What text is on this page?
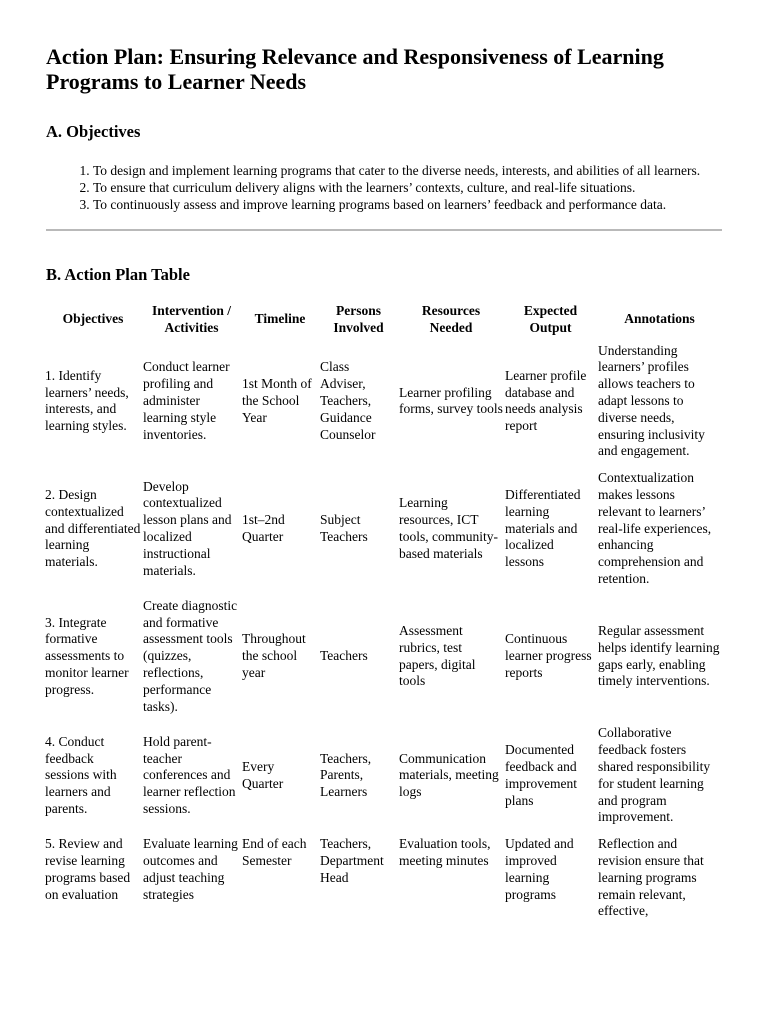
Action Plan: Ensuring Relevance and Responsiveness of Learning Programs to Learner Needs
A. Objectives
1. To design and implement learning programs that cater to the diverse needs, interests, and abilities of all learners.
2. To ensure that curriculum delivery aligns with the learners’ contexts, culture, and real-life situations.
3. To continuously assess and improve learning programs based on learners’ feedback and performance data.
B. Action Plan Table
Objectives	Intervention / Activities	Timeline	Persons Involved	Resources Needed	Expected Output	Annotations
1. Identify learners’ needs, interests, and learning styles.	Conduct learner profiling and administer learning style inventories.	1st Month of the School Year	Class Adviser, Teachers, Guidance Counselor	Learner profiling forms, survey tools	Learner profile database and needs analysis report	Understanding learners’ profiles allows teachers to adapt lessons to diverse needs, ensuring inclusivity and engagement.
2. Design contextualized and differentiated learning materials.	Develop contextualized lesson plans and localized instructional materials.	1st–2nd Quarter	Subject Teachers	Learning resources, ICT tools, community-based materials	Differentiated learning materials and localized lessons	Contextualization makes lessons relevant to learners’ real-life experiences, enhancing comprehension and retention.
3. Integrate formative assessments to monitor learner progress.	Create diagnostic and formative assessment tools (quizzes, reflections, performance tasks).	Throughout the school year	Teachers	Assessment rubrics, test papers, digital tools	Continuous learner progress reports	Regular assessment helps identify learning gaps early, enabling timely interventions.
4. Conduct feedback sessions with learners and parents.	Hold parent-teacher conferences and learner reflection sessions.	Every Quarter	Teachers, Parents, Learners	Communication materials, meeting logs	Documented feedback and improvement plans	Collaborative feedback fosters shared responsibility for student learning and program improvement.
5. Review and revise learning programs based on evaluation	Evaluate learning outcomes and adjust teaching strategies	End of each Semester	Teachers, Department Head	Evaluation tools, meeting minutes	Updated and improved learning programs	Reflection and revision ensure that learning programs remain relevant, effective,
